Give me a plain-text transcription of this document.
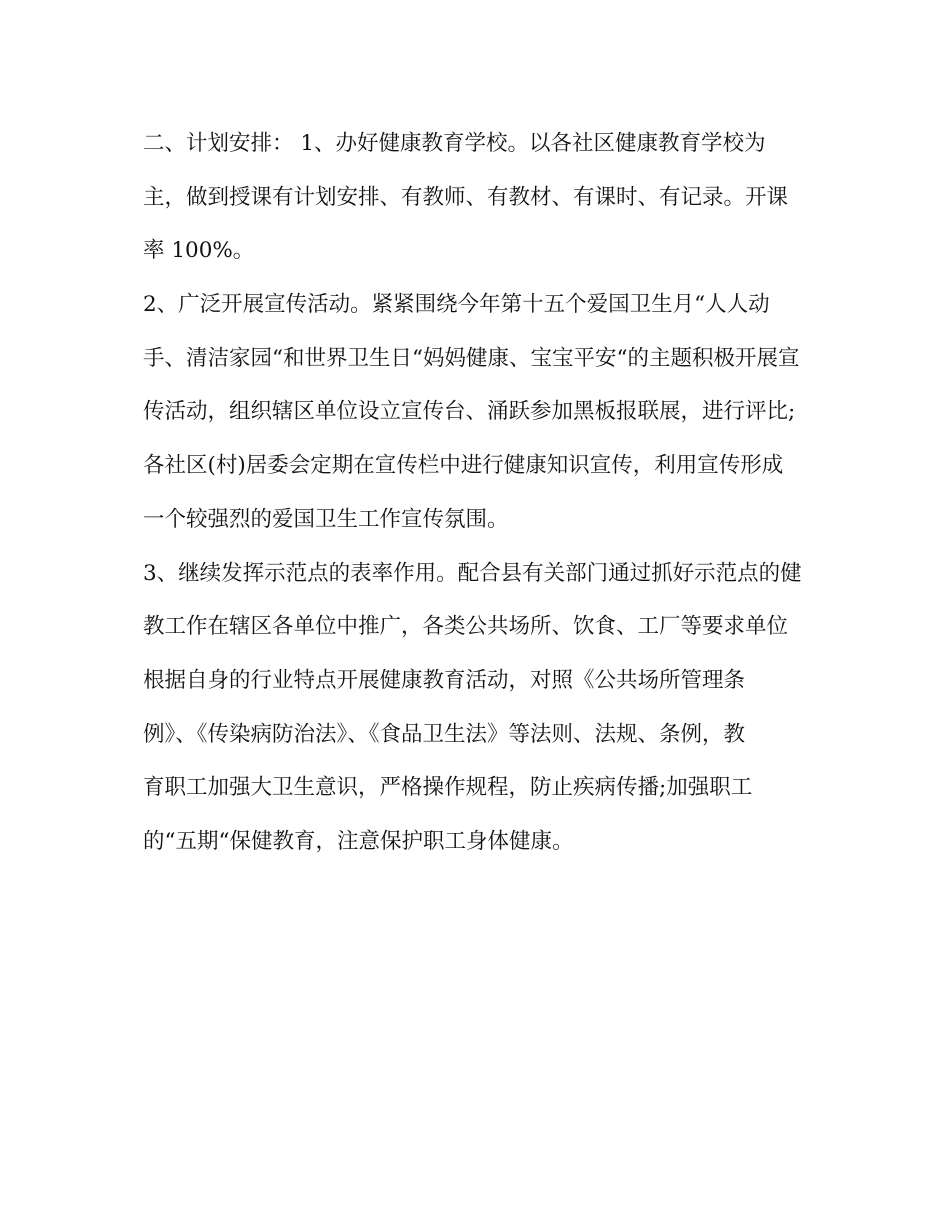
二、计划安排： 1、办好健康教育学校。以各社区健康教育学校为
主，做到授课有计划安排、有教师、有教材、有课时、有记录。开课
率 100%。
2、广泛开展宣传活动。紧紧围绕今年第十五个爱国卫生月“人人动
手、清洁家园“和世界卫生日“妈妈健康、宝宝平安“的主题积极开展宣
传活动，组织辖区单位设立宣传台、涌跃参加黑板报联展，进行评比;
各社区(村)居委会定期在宣传栏中进行健康知识宣传，利用宣传形成
一个较强烈的爱国卫生工作宣传氛围。
3、继续发挥示范点的表率作用。配合县有关部门通过抓好示范点的健
教工作在辖区各单位中推广，各类公共场所、饮食、工厂等要求单位
根据自身的行业特点开展健康教育活动，对照《公共场所管理条
例》、《传染病防治法》、《食品卫生法》等法则、法规、条例，教
育职工加强大卫生意识，严格操作规程，防止疾病传播;加强职工
的“五期“保健教育，注意保护职工身体健康。
